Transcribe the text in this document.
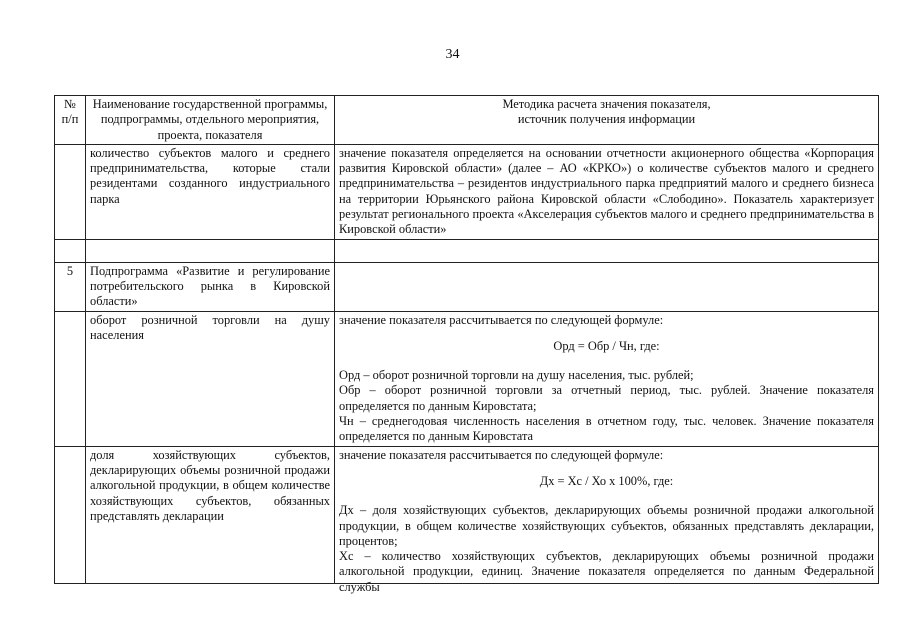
34
№ п/п	Наименование государственной программы, подпрограммы, отдельного мероприятия, проекта, показателя	Методика расчета значения показателя,
источник получения информации
	количество субъектов малого и среднего предпринимательства, которые стали резидентами созданного индустриального парка	значение показателя определяется на основании отчетности акционерного общества «Корпорация развития Кировской области» (далее – АО «КРКО») о количестве субъектов малого и среднего предпринимательства – резидентов индустриального парка предприятий малого и среднего бизнеса на территории Юрьянского района Кировской области «Слободино». Показатель характеризует результат регионального проекта «Акселерация субъектов малого и среднего предпринимательства в Кировской области»

5	Подпрограмма «Развитие и регулирование потребительского рынка в Кировской области»	
	оборот розничной торговли на душу населения	значение показателя рассчитывается по следующей формуле:
Орд = Обр / Чн, где:
Орд – оборот розничной торговли на душу населения, тыс. рублей;
Обр – оборот розничной торговли за отчетный период, тыс. рублей. Значение показателя определяется по данным Кировстата;
Чн – среднегодовая численность населения в отчетном году, тыс. человек. Значение показателя определяется по данным Кировстата

	доля хозяйствующих субъектов, декларирующих объемы розничной продажи алкогольной продукции, в общем количестве хозяйствующих субъектов, обязанных представлять декларации	значение показателя рассчитывается по следующей формуле:
Дх = Хс / Хо х 100%, где:
Дх – доля хозяйствующих субъектов, декларирующих объемы розничной продажи алкогольной продукции, в общем количестве хозяйствующих субъектов, обязанных представлять декларации, процентов;
Хс – количество хозяйствующих субъектов, декларирующих объемы розничной продажи алкогольной продукции, единиц. Значение показателя определяется по данным Федеральной службы
